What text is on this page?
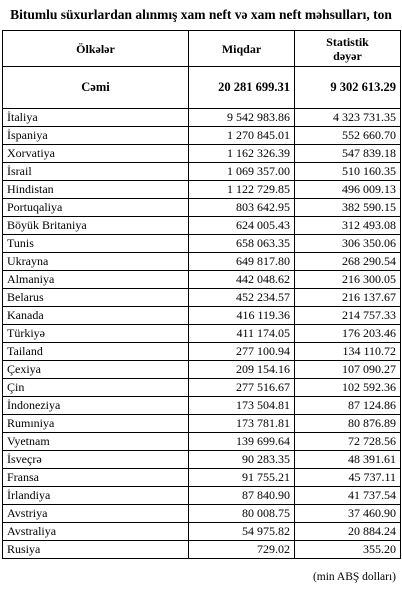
Bitumlu süxurlardan alınmış xam neft və xam neft məhsulları, ton
Ölkələr	Miqdar	Statistik
dəyər
Cəmi	20 281 699.31	9 302 613.29
İtaliya	9 542 983.86	4 323 731.35
İspaniya	1 270 845.01	552 660.70
Xorvatiya	1 162 326.39	547 839.18
İsrail	1 069 357.00	510 160.35
Hindistan	1 122 729.85	496 009.13
Portuqaliya	803 642.95	382 590.15
Böyük Britaniya	624 005.43	312 493.08
Tunis	658 063.35	306 350.06
Ukrayna	649 817.80	268 290.54
Almaniya	442 048.62	216 300.05
Belarus	452 234.57	216 137.67
Kanada	416 119.36	214 757.33
Türkiyə	411 174.05	176 203.46
Tailand	277 100.94	134 110.72
Çexiya	209 154.16	107 090.27
Çin	277 516.67	102 592.36
İndoneziya	173 504.81	87 124.86
Rumıniya	173 781.81	80 876.89
Vyetnam	139 699.64	72 728.56
İsveçrə	90 283.35	48 391.61
Fransa	91 755.21	45 737.11
İrlandiya	87 840.90	41 737.54
Avstriya	80 008.75	37 460.90
Avstraliya	54 975.82	20 884.24
Rusiya	729.02	355.20
(min ABŞ dolları)
